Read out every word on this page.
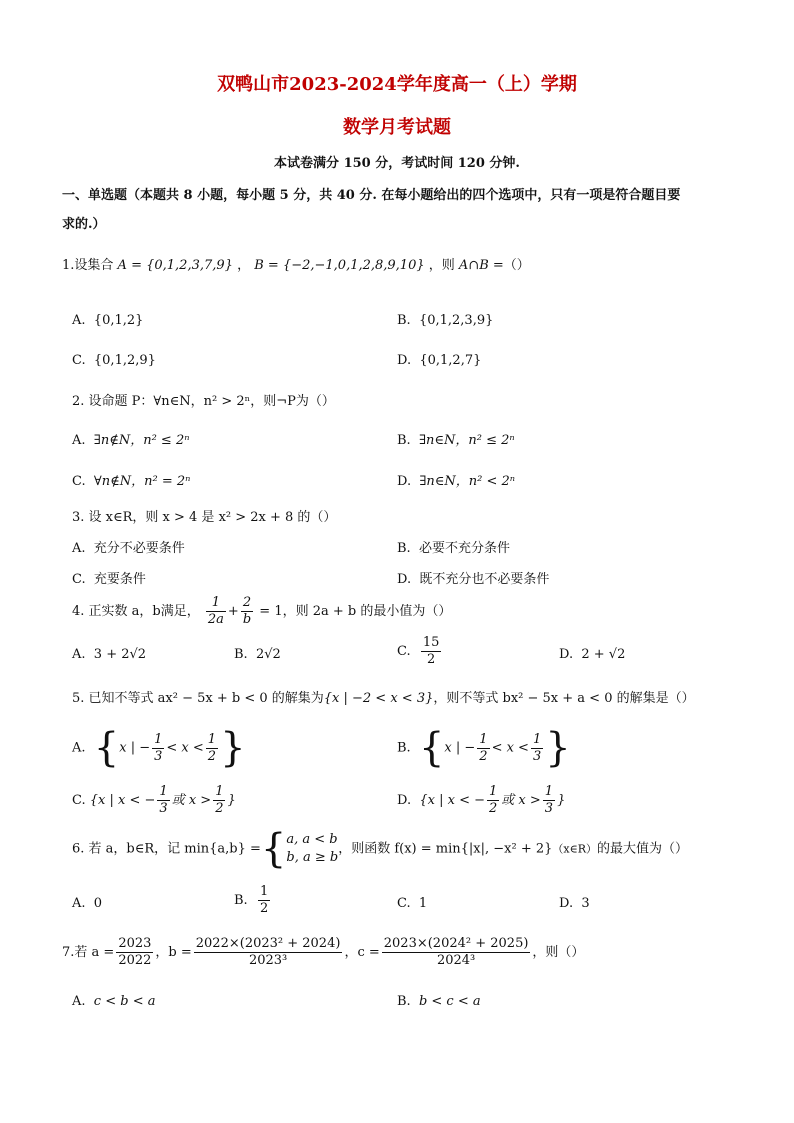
双鸭山市2023-2024学年度高一（上）学期
数学月考试题
本试卷满分 150 分，考试时间 120 分钟.
一、单选题（本题共 8 小题，每小题 5 分，共 40 分. 在每小题给出的四个选项中，只有一项是符合题目要
求的.）
1.设集合 A = {0,1,2,3,7,9} ， B = {−2,−1,0,1,2,8,9,10} ，则 A∩B =（）
A. {0,1,2}	B. {0,1,2,3,9}
C. {0,1,2,9}	D. {0,1,2,7}
2. 设命题 P：∀n∈N，n² > 2ⁿ，则¬P为（）
A. ∃n∉N，n² ≤ 2ⁿ	B. ∃n∈N，n² ≤ 2ⁿ
C. ∀n∉N，n² = 2ⁿ	D. ∃n∈N，n² < 2ⁿ
3. 设 x∈R，则 x > 4 是 x² > 2x + 8 的（）
A. 充分不必要条件	B. 必要不充分条件
C. 充要条件	D. 既不充分也不必要条件
4. 正实数 a，b满足， $\frac{1}{2a} + \frac{2}{b} = 1$，则 2a + b 的最小值为（）
A. 3 + 2√2	B. 2√2	C. $\frac{15}{2}$	D. 2 + √2
5. 已知不等式 ax² − 5x + b < 0 的解集为{x | −2 < x < 3}，则不等式 bx² − 5x + a < 0 的解集是（）
A. {x | − $\frac{1}{3} < x < \frac{1}{2}$ }	B. {x | − $\frac{1}{2} < x < \frac{1}{3}$ }
C. {x | x < − $\frac{1}{3}$ 或 $x > \frac{1}{2}$ }	D. {x | x < − $\frac{1}{2}$ 或 $x > \frac{1}{3}$ }
6. 若 a，b∈R，记 min{a,b} ={ a, a < b
b, a ≥ b
，则函数 f(x) = min{|x|, −x² + 2}（x∈R）的最大值为（）
A. 0	B. $\frac{1}{2}$	C. 1	D. 3
7.若 $a = \frac{2023}{2022}$ ，$b = \frac{\text{2022×(2023² + 2024)}}{\text{2023³}}$ ，$c = \frac{\text{2023×(2024² + 2025)}}{\text{2024³}}$ ，则（）
A. c < b < a	B. b < c < a
